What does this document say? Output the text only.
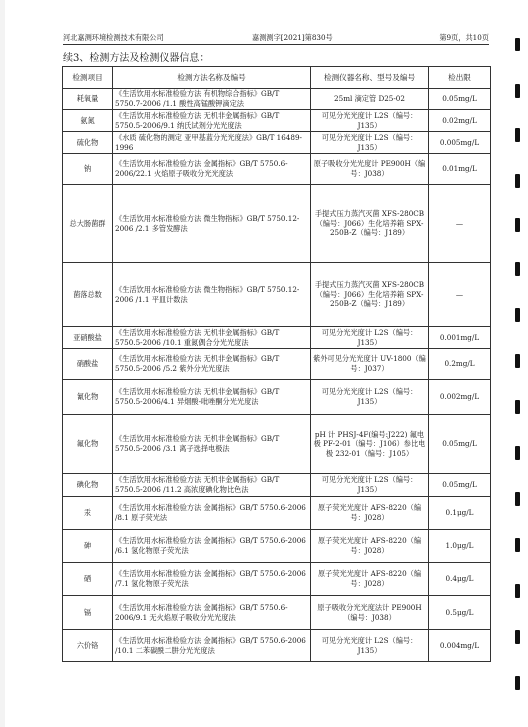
河北嘉测环境检测技术有限公司	嘉测测字[2021]第830号	第9页，共10页
续3、检测方法及检测仪器信息：
检测项目	检测方法名称及编号	检测仪器名称、型号及编号	检出限
耗氧量	《生活饮用水标准检验方法 有机物综合指标》GB/T 5750.7-2006 /1.1 酸性高锰酸钾滴定法	25ml 滴定管 D25-02	0.05mg/L
氨氮	《生活饮用水标准检验方法 无机非金属指标》GB/T 5750.5-2006/9.1 纳氏试剂分光光度法	可见分光光度计 L2S（编号：J135）	0.02mg/L
硫化物	《水质 硫化物的测定 亚甲基蓝分光光度法》GB/T 16489-1996	可见分光光度计 L2S（编号：J135）	0.005mg/L
钠	《生活饮用水标准检验方法 金属指标》GB/T 5750.6-2006/22.1 火焰原子吸收分光光度法	原子吸收分光光度计 PE900H（编号：J038）	0.01mg/L
总大肠菌群	《生活饮用水标准检验方法 微生物指标》GB/T 5750.12-2006 /2.1 多管发酵法	手提式压力蒸汽灭菌 XFS-280CB（编号：J066）生化培养箱 SPX-250B-Z（编号：J189）	—
菌落总数	《生活饮用水标准检验方法 微生物指标》GB/T 5750.12-2006 /1.1 平皿计数法	手提式压力蒸汽灭菌 XFS-280CB（编号：J066）生化培养箱 SPX-250B-Z（编号：J189）	—
亚硝酸盐	《生活饮用水标准检验方法 无机非金属指标》GB/T 5750.5-2006 /10.1 重氮偶合分光光度法	可见分光光度计 L2S（编号：J135）	0.001mg/L
硝酸盐	《生活饮用水标准检验方法 无机非金属指标》GB/T 5750.5-2006 /5.2 紫外分光光度法	紫外可见分光光度计 UV-1800（编号：J037）	0.2mg/L
氰化物	《生活饮用水标准检验方法 无机非金属指标》GB/T 5750.5-2006/4.1 异烟酸-吡唑酮分光光度法	可见分光光度计 L2S（编号：J135）	0.002mg/L
氟化物	《生活饮用水标准检验方法 无机非金属指标》GB/T 5750.5-2006 /3.1 离子选择电极法	pH 计 PHSJ-4F(编号:J222) 氟电极 PF-2-01（编号：J106）参比电极 232-01（编号：J105）	0.05mg/L
碘化物	《生活饮用水标准检验方法 无机非金属指标》GB/T 5750.5-2006 /11.2 高浓度碘化物比色法	可见分光光度计 L2S（编号：J135）	0.05mg/L
汞	《生活饮用水标准检验方法 金属指标》GB/T 5750.6-2006 /8.1 原子荧光法	原子荧光光度计 AFS-8220（编号：J028）	0.1μg/L
砷	《生活饮用水标准检验方法 金属指标》GB/T 5750.6-2006 /6.1 氢化物原子荧光法	原子荧光光度计 AFS-8220（编号：J028）	1.0μg/L
硒	《生活饮用水标准检验方法 金属指标》GB/T 5750.6-2006 /7.1 氢化物原子荧光法	原子荧光光度计 AFS-8220（编号：J028）	0.4μg/L
镉	《生活饮用水标准检验方法 金属指标》GB/T 5750.6-2006/9.1 无火焰原子吸收分光光度法	原子吸收分光光度法计 PE900H（编号：J038）	0.5μg/L
六价铬	《生活饮用水标准检验方法 金属指标》GB/T 5750.6-2006 /10.1 二苯碳酰二肼分光光度法	可见分光光度计 L2S（编号：J135）	0.004mg/L
